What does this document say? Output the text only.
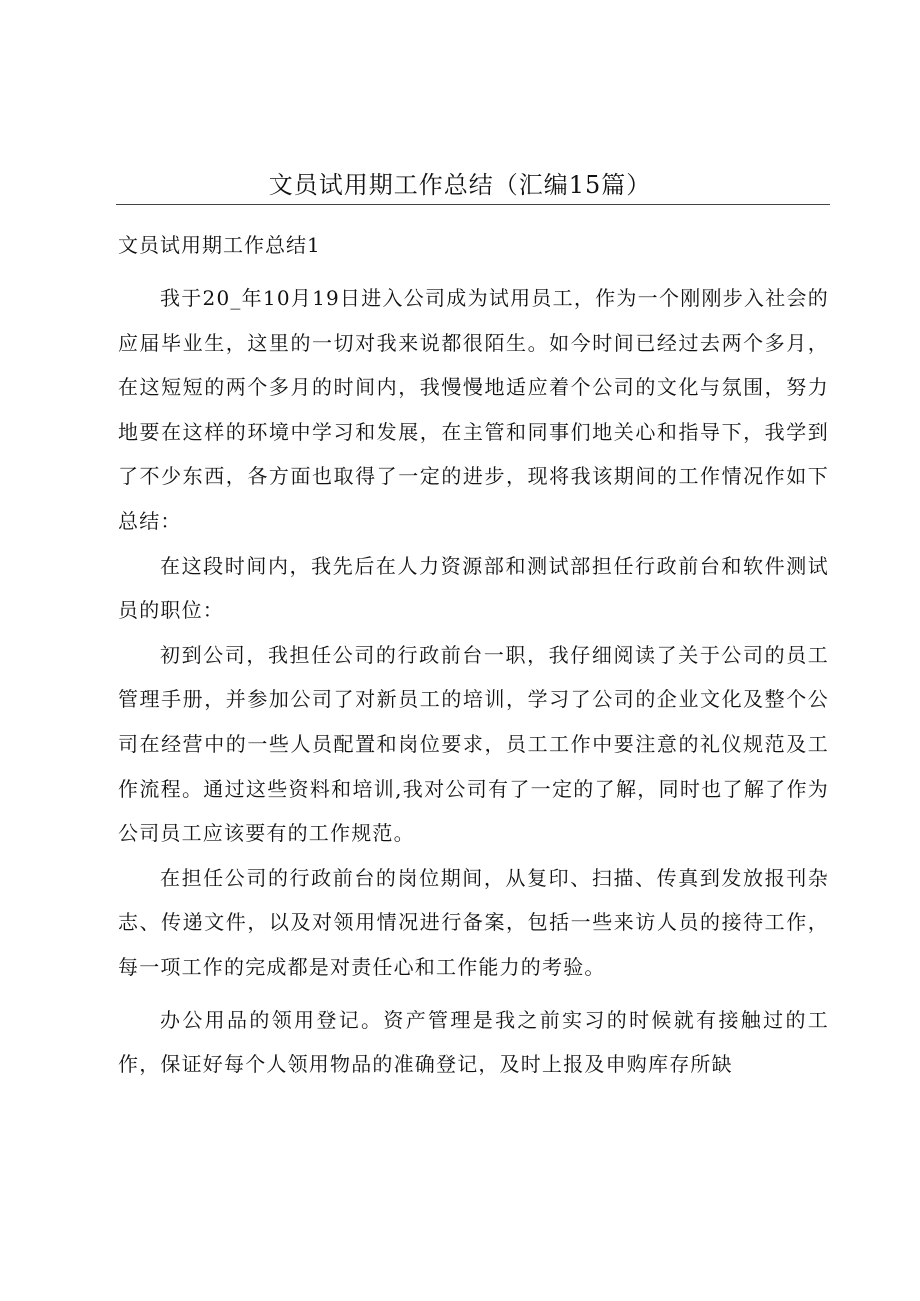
文员试用期工作总结（汇编15篇）
文员试用期工作总结1

我于20_年10月19日进入公司成为试用员工，作为一个刚刚步入社会的应届毕业生，这里的一切对我来说都很陌生。如今时间已经过去两个多月，在这短短的两个多月的时间内，我慢慢地适应着个公司的文化与氛围，努力地要在这样的环境中学习和发展，在主管和同事们地关心和指导下，我学到了不少东西，各方面也取得了一定的进步，现将我该期间的工作情况作如下总结：

在这段时间内，我先后在人力资源部和测试部担任行政前台和软件测试员的职位：

初到公司，我担任公司的行政前台一职，我仔细阅读了关于公司的员工管理手册，并参加公司了对新员工的培训，学习了公司的企业文化及整个公司在经营中的一些人员配置和岗位要求，员工工作中要注意的礼仪规范及工作流程。通过这些资料和培训,我对公司有了一定的了解，同时也了解了作为公司员工应该要有的工作规范。

在担任公司的行政前台的岗位期间，从复印、扫描、传真到发放报刊杂志、传递文件，以及对领用情况进行备案，包括一些来访人员的接待工作，每一项工作的完成都是对责任心和工作能力的考验。

办公用品的领用登记。资产管理是我之前实习的时候就有接触过的工作，保证好每个人领用物品的准确登记，及时上报及申购库存所缺
